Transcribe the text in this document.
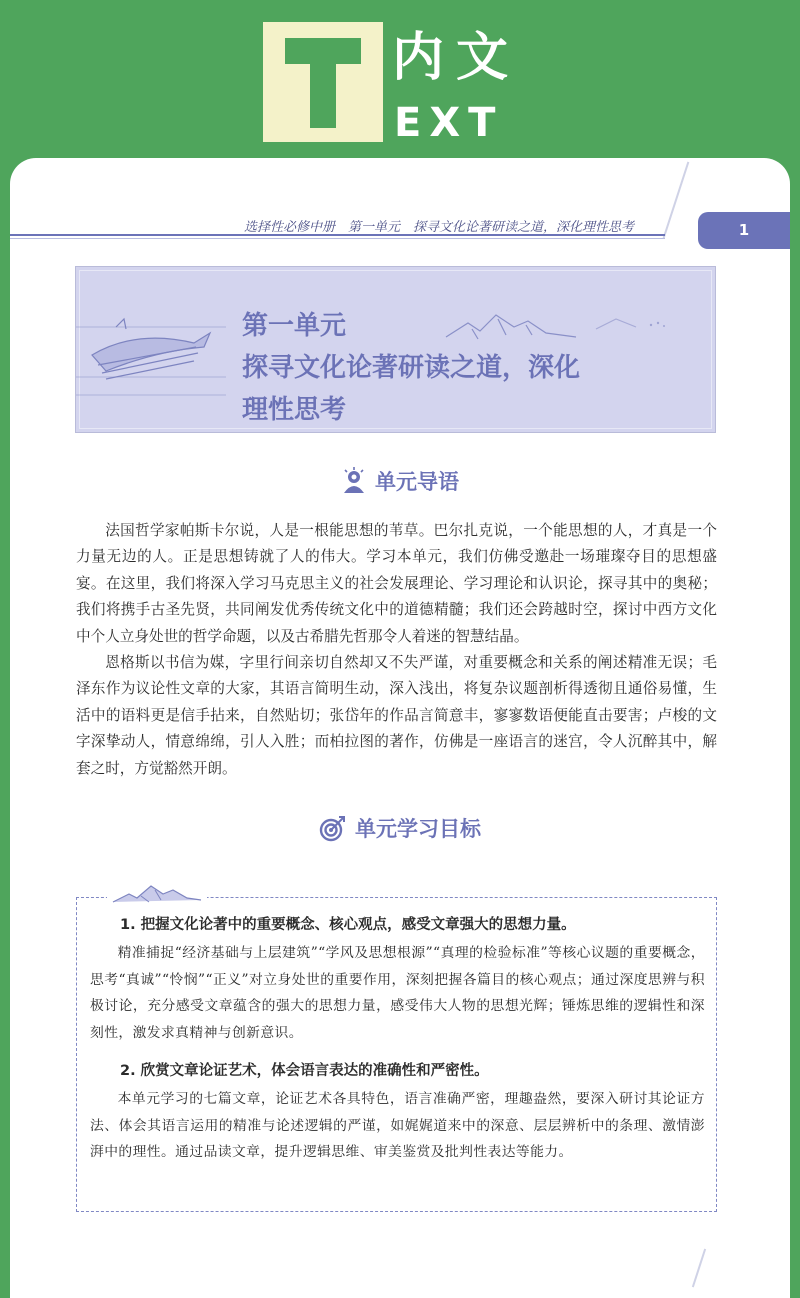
内文
EXT
选择性必修中册　第一单元　探寻文化论著研读之道，深化理性思考	1
第一单元
探寻文化论著研读之道，深化
理性思考
单元导语

法国哲学家帕斯卡尔说，人是一根能思想的苇草。巴尔扎克说，一个能思想的人，才真是一个力量无边的人。正是思想铸就了人的伟大。学习本单元，我们仿佛受邀赴一场璀璨夺目的思想盛宴。在这里，我们将深入学习马克思主义的社会发展理论、学习理论和认识论，探寻其中的奥秘；我们将携手古圣先贤，共同阐发优秀传统文化中的道德精髓；我们还会跨越时空，探讨中西方文化中个人立身处世的哲学命题，以及古希腊先哲那令人着迷的智慧结晶。

恩格斯以书信为媒，字里行间亲切自然却又不失严谨，对重要概念和关系的阐述精准无误；毛泽东作为议论性文章的大家，其语言简明生动，深入浅出，将复杂议题剖析得透彻且通俗易懂，生活中的语料更是信手拈来，自然贴切；张岱年的作品言简意丰，寥寥数语便能直击要害；卢梭的文字深挚动人，情意绵绵，引人入胜；而柏拉图的著作，仿佛是一座语言的迷宫，令人沉醉其中，解套之时，方觉豁然开朗。

单元学习目标
1. 把握文化论著中的重要概念、核心观点，感受文章强大的思想力量。
精准捕捉“经济基础与上层建筑”“学风及思想根源”“真理的检验标准”等核心议题的重要概念，思考“真诚”“怜悯”“正义”对立身处世的重要作用，深刻把握各篇目的核心观点；通过深度思辨与积极讨论，充分感受文章蕴含的强大的思想力量，感受伟大人物的思想光辉；锤炼思维的逻辑性和深刻性，激发求真精神与创新意识。
2. 欣赏文章论证艺术，体会语言表达的准确性和严密性。
本单元学习的七篇文章，论证艺术各具特色，语言准确严密，理趣盎然，要深入研讨其论证方法、体会其语言运用的精准与论述逻辑的严谨，如娓娓道来中的深意、层层辨析中的条理、激情澎湃中的理性。通过品读文章，提升逻辑思维、审美鉴赏及批判性表达等能力。
